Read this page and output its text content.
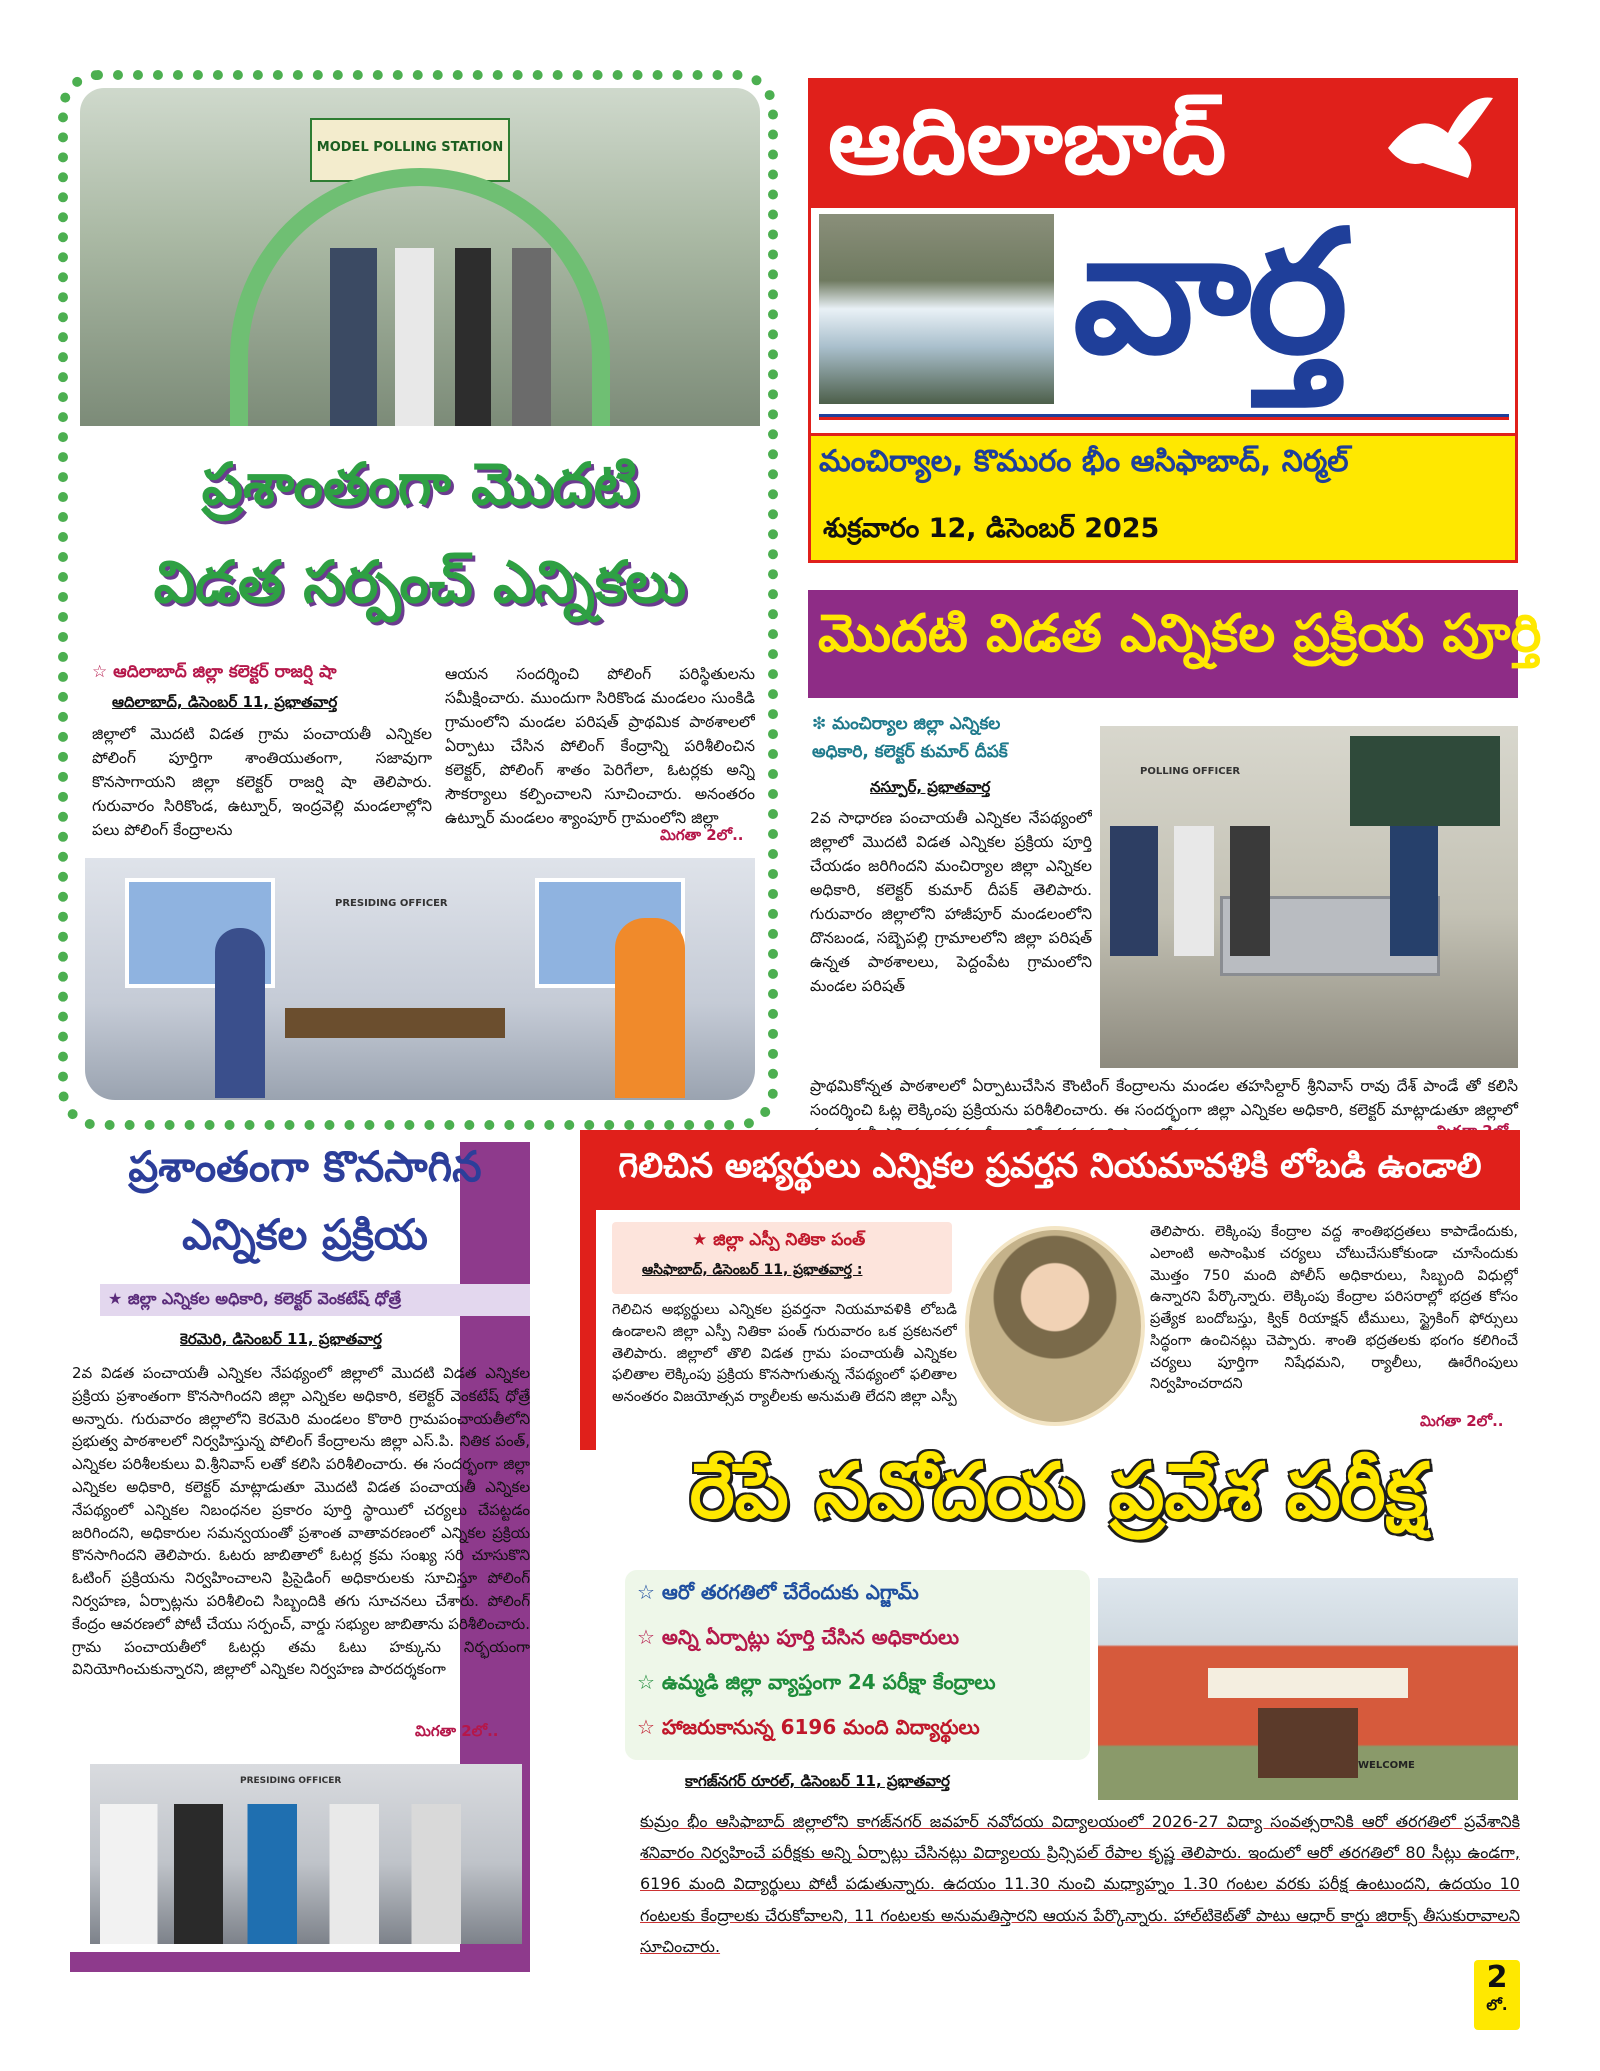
MODEL POLLING STATION
ప్రశాంతంగా మొదటి
విడత సర్పంచ్ ఎన్నికలు
☆ ఆదిలాబాద్ జిల్లా కలెక్టర్ రాజర్షి షా
ఆదిలాబాద్, డిసెంబర్ 11, ప్రభాతవార్త
జిల్లాలో మొదటి విడత గ్రామ పంచాయతీ ఎన్నికల పోలింగ్ పూర్తిగా శాంతియుతంగా, సజావుగా కొనసాగాయని జిల్లా కలెక్టర్ రాజర్షి షా తెలిపారు. గురువారం సిరికొండ, ఉట్నూర్, ఇంద్రవెల్లి మండలాల్లోని పలు పోలింగ్ కేంద్రాలను
ఆయన సందర్శించి పోలింగ్ పరిస్థితులను సమీక్షించారు. ముందుగా సిరికొండ మండలం సుంకిడి గ్రామంలోని మండల పరిషత్ ప్రాథమిక పాఠశాలలో ఏర్పాటు చేసిన పోలింగ్ కేంద్రాన్ని పరిశీలించిన కలెక్టర్, పోలింగ్ శాతం పెరిగేలా, ఓటర్లకు అన్ని సౌకర్యాలు కల్పించాలని సూచించారు. అనంతరం ఉట్నూర్ మండలం శ్యాంపూర్ గ్రామంలోని జిల్లా
మిగతా 2లో..
PRESIDING OFFICER
ఆదిలాబాద్
వార్త
మంచిర్యాల, కొమురం భీం ఆసిఫాబాద్, నిర్మల్
శుక్రవారం 12, డిసెంబర్ 2025
మొదటి విడత ఎన్నికల ప్రక్రియ పూర్తి
❇ మంచిర్యాల జిల్లా ఎన్నికల
అధికారి, కలెక్టర్ కుమార్ దీపక్
నస్పూర్, ప్రభాతవార్త
2వ సాధారణ పంచాయతీ ఎన్నికల నేపథ్యంలో జిల్లాలో మొదటి విడత ఎన్నికల ప్రక్రియ పూర్తి చేయడం జరిగిందని మంచిర్యాల జిల్లా ఎన్నికల అధికారి, కలెక్టర్ కుమార్ దీపక్ తెలిపారు. గురువారం జిల్లాలోని హాజీపూర్ మండలంలోని దొనబండ, సబ్బెపల్లి గ్రామాలలోని జిల్లా పరిషత్ ఉన్నత పాఠశాలలు, పెద్దంపేట గ్రామంలోని మండల పరిషత్
POLLING OFFICER
ప్రాథమికోన్నత పాఠశాలలో ఏర్పాటుచేసిన కౌంటింగ్ కేంద్రాలను మండల తహసిల్దార్ శ్రీనివాస్ రావు దేశ్ పాండే తో కలిసి సందర్శించి ఓట్ల లెక్కింపు ప్రక్రియను పరిశీలించారు. ఈ సందర్భంగా జిల్లా ఎన్నికల అధికారి, కలెక్టర్ మాట్లాడుతూ జిల్లాలో
ప్రశాంతంగా కొనసాగిన
ఎన్నికల ప్రక్రియ
★ జిల్లా ఎన్నికల అధికారి, కలెక్టర్ వెంకటేష్ ధోత్రే
కెరమెరి, డిసెంబర్ 11, ప్రభాతవార్త
2వ విడత పంచాయతీ ఎన్నికల నేపథ్యంలో జిల్లాలో మొదటి విడత ఎన్నికల ప్రక్రియ ప్రశాంతంగా కొనసాగిందని జిల్లా ఎన్నికల అధికారి, కలెక్టర్ వెంకటేష్ ధోత్రే అన్నారు. గురువారం జిల్లాలోని కెరమెరి మండలం కొఠారి గ్రామపంచాయతీలోని ప్రభుత్వ పాఠశాలలో నిర్వహిస్తున్న పోలింగ్ కేంద్రాలను జిల్లా ఎస్.పి. నితిక పంత్, ఎన్నికల పరిశీలకులు వి.శ్రీనివాస్ లతో కలిసి పరిశీలించారు. ఈ సందర్భంగా జిల్లా ఎన్నికల అధికారి, కలెక్టర్ మాట్లాడుతూ మొదటి విడత పంచాయతీ ఎన్నికల నేపథ్యంలో ఎన్నికల నిబంధనల ప్రకారం పూర్తి స్థాయిలో చర్యలు చేపట్టడం జరిగిందని, అధికారుల సమన్వయంతో ప్రశాంత వాతావరణంలో ఎన్నికల ప్రక్రియ కొనసాగిందని తెలిపారు. ఓటరు జాబితాలో ఓటర్ల క్రమ సంఖ్య సరి చూసుకొని ఓటింగ్ ప్రక్రియను నిర్వహించాలని ప్రిసైడింగ్ అధికారులకు సూచిస్తూ పోలింగ్ నిర్వహణ, ఏర్పాట్లను పరిశీలించి సిబ్బందికి తగు సూచనలు చేశారు. పోలింగ్ కేంద్రం ఆవరణలో పోటీ చేయు సర్పంచ్, వార్డు సభ్యుల జాబితాను పరిశీలించారు. గ్రామ పంచాయతీలో ఓటర్లు తమ ఓటు హక్కును నిర్భయంగా వినియోగించుకున్నారని, జిల్లాలో ఎన్నికల నిర్వహణ పారదర్శకంగా
మిగతా 2లో..
PRESIDING OFFICER
గెలిచిన అభ్యర్థులు ఎన్నికల ప్రవర్తన నియమావళికి లోబడి ఉండాలి
★ జిల్లా ఎస్పీ నితికా పంత్
ఆసిఫాబాద్, డిసెంబర్ 11, ప్రభాతవార్త :
గెలిచిన అభ్యర్థులు ఎన్నికల ప్రవర్తనా నియమావళికి లోబడి ఉండాలని జిల్లా ఎస్పీ నితికా పంత్ గురువారం ఒక ప్రకటనలో తెలిపారు. జిల్లాలో తొలి విడత గ్రామ పంచాయతీ ఎన్నికల ఫలితాల లెక్కింపు ప్రక్రియ కొనసాగుతున్న నేపథ్యంలో ఫలితాల అనంతరం విజయోత్సవ ర్యాలీలకు అనుమతి లేదని జిల్లా ఎస్పీ
తెలిపారు. లెక్కింపు కేంద్రాల వద్ద శాంతిభద్రతలు కాపాడేందుకు, ఎలాంటి అసాంఘిక చర్యలు చోటుచేసుకోకుండా చూసేందుకు మొత్తం 750 మంది పోలీస్ అధికారులు, సిబ్బంది విధుల్లో ఉన్నారని పేర్కొన్నారు. లెక్కింపు కేంద్రాల పరిసరాల్లో భద్రత కోసం ప్రత్యేక బందోబస్తు, క్విక్ రియాక్షన్ టీములు, స్ట్రైకింగ్ ఫోర్సులు సిద్ధంగా ఉంచినట్లు చెప్పారు. శాంతి భద్రతలకు భంగం కలిగించే చర్యలు పూర్తిగా నిషేధమని, ర్యాలీలు, ఊరేగింపులు నిర్వహించరాదని
మిగతా 2లో..
రేపే నవోదయ ప్రవేశ పరీక్ష
☆ ఆరో తరగతిలో చేరేందుకు ఎగ్జామ్
☆ అన్ని ఏర్పాట్లు పూర్తి చేసిన అధికారులు
☆ ఉమ్మడి జిల్లా వ్యాప్తంగా 24 పరీక్షా కేంద్రాలు
☆ హాజరుకానున్న 6196 మంది విద్యార్థులు
కాగజ్‌నగర్ రూరల్, డిసెంబర్ 11, ప్రభాతవార్త
WELCOME
కుమ్రం భీం ఆసిఫాబాద్ జిల్లాలోని కాగజ్‌నగర్ జవహర్ నవోదయ విద్యాలయంలో 2026-27 విద్యా సంవత్సరానికి ఆరో తరగతిలో ప్రవేశానికి శనివారం నిర్వహించే పరీక్షకు అన్ని ఏర్పాట్లు చేసినట్లు విద్యాలయ ప్రిన్సిపల్ రేపాల కృష్ణ తెలిపారు. ఇందులో ఆరో తరగతిలో 80 సీట్లు ఉండగా, 6196 మంది విద్యార్థులు పోటీ పడుతున్నారు. ఉదయం 11.30 నుంచి మధ్యాహ్నం 1.30 గంటల వరకు పరీక్ష ఉంటుందని, ఉదయం 10 గంటలకు కేంద్రాలకు చేరుకోవాలని, 11 గంటలకు అనుమతిస్తారని ఆయన పేర్కొన్నారు. హాల్‌టికెట్‌తో పాటు ఆధార్ కార్డు జిరాక్స్ తీసుకురావాలని సూచించారు.
2
లో.
